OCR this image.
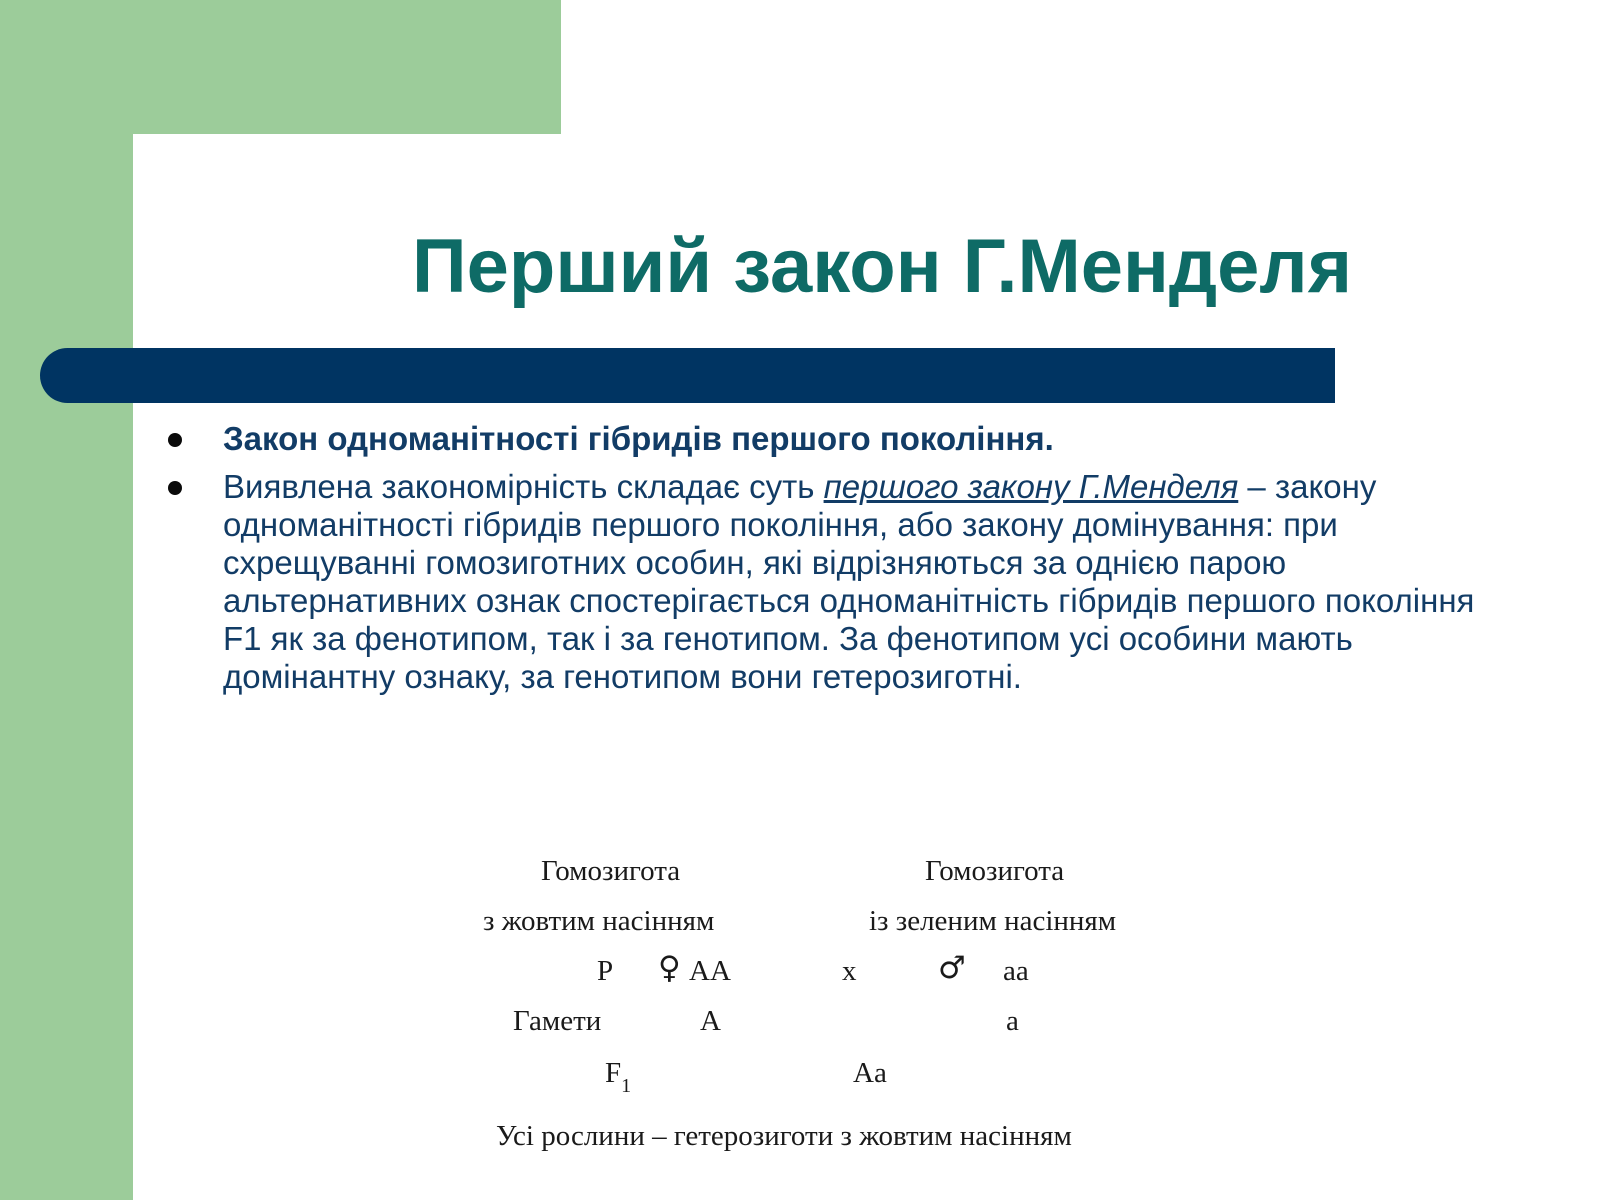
Перший закон Г.Менделя
Закон одноманітності гібридів першого покоління.
Виявлена закономірність складає суть першого закону Г.Менделя – закону одноманітності гібридів першого покоління, або закону домінування: при схрещуванні гомозиготних особин, які відрізняються за однією парою альтернативних ознак спостерігається одноманітність гібридів першого покоління F1 як за фенотипом, так і за генотипом. За фенотипом усі особини мають домінантну ознаку, за генотипом вони гетерозиготні.
Гомозигота
з жовтим насінням
Гомозигота
із зеленим насінням
P ♀ AA	x	♂ aa
Гамети	A	a
$F_1$	Aa
Усі рослини – гетерозиготи з жовтим насінням
